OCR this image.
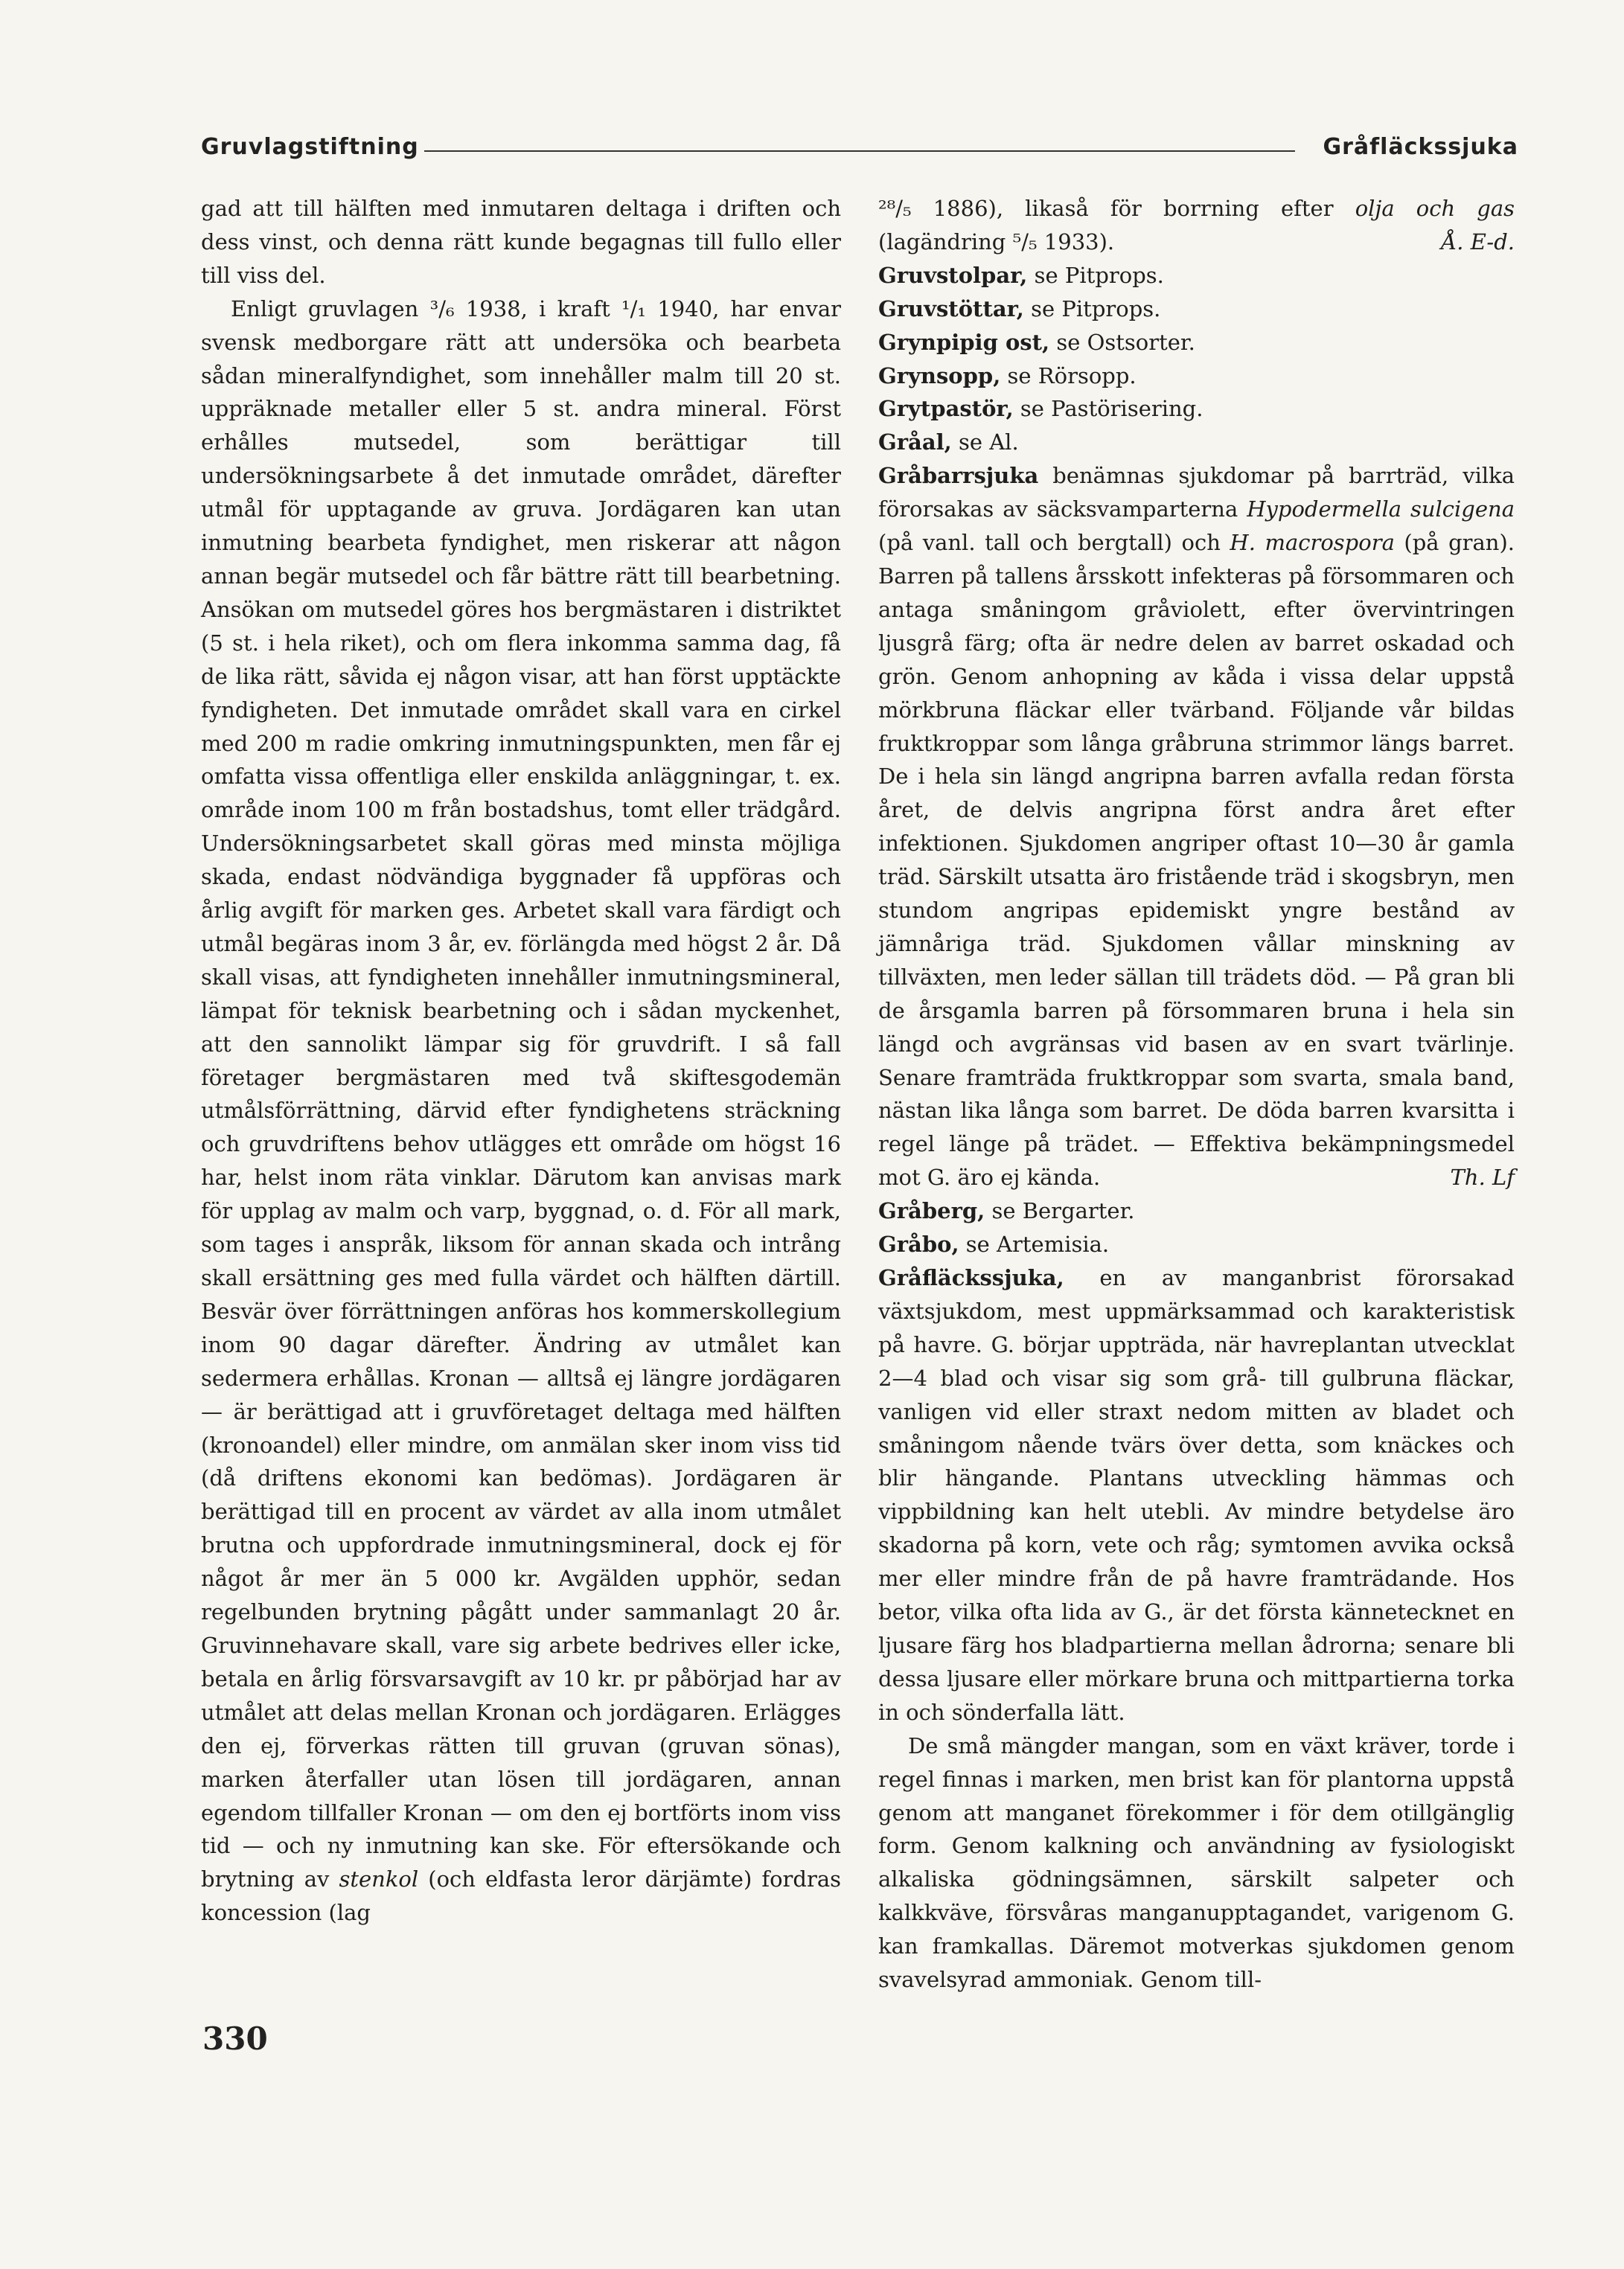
Gruvlagstiftning	Gråfläckssjuka

gad att till hälften med inmutaren deltaga i driften och dess vinst, och denna rätt kunde begagnas till fullo eller till viss del.

Enligt gruvlagen ³/₆ 1938, i kraft ¹/₁ 1940, har envar svensk medborgare rätt att undersöka och bearbeta sådan mineralfyndighet, som innehåller malm till 20 st. uppräknade metaller eller 5 st. andra mineral. Först erhålles mutsedel, som berättigar till undersökningsarbete å det inmutade området, därefter utmål för upptagande av gruva. Jordägaren kan utan inmutning bearbeta fyndighet, men riskerar att någon annan begär mutsedel och får bättre rätt till bearbetning. Ansökan om mutsedel göres hos bergmästaren i distriktet (5 st. i hela riket), och om flera inkomma samma dag, få de lika rätt, såvida ej någon visar, att han först upptäckte fyndigheten. Det inmutade området skall vara en cirkel med 200 m radie omkring inmutningspunkten, men får ej omfatta vissa offentliga eller enskilda anläggningar, t. ex. område inom 100 m från bostadshus, tomt eller trädgård. Undersökningsarbetet skall göras med minsta möjliga skada, endast nödvändiga byggnader få uppföras och årlig avgift för marken ges. Arbetet skall vara färdigt och utmål begäras inom 3 år, ev. förlängda med högst 2 år. Då skall visas, att fyndigheten innehåller inmutningsmineral, lämpat för teknisk bearbetning och i sådan myckenhet, att den sannolikt lämpar sig för gruvdrift. I så fall företager bergmästaren med två skiftesgodemän utmålsförrättning, därvid efter fyndighetens sträckning och gruvdriftens behov utlägges ett område om högst 16 har, helst inom räta vinklar. Därutom kan anvisas mark för upplag av malm och varp, byggnad, o. d. För all mark, som tages i anspråk, liksom för annan skada och intrång skall ersättning ges med fulla värdet och hälften därtill. Besvär över förrättningen anföras hos kommerskollegium inom 90 dagar därefter. Ändring av utmålet kan sedermera erhållas. Kronan — alltså ej längre jordägaren — är berättigad att i gruvföretaget deltaga med hälften (kronoandel) eller mindre, om anmälan sker inom viss tid (då driftens ekonomi kan bedömas). Jordägaren är berättigad till en procent av värdet av alla inom utmålet brutna och uppfordrade inmutningsmineral, dock ej för något år mer än 5 000 kr. Avgälden upphör, sedan regelbunden brytning pågått under sammanlagt 20 år. Gruvinnehavare skall, vare sig arbete bedrives eller icke, betala en årlig försvarsavgift av 10 kr. pr påbörjad har av utmålet att delas mellan Kronan och jordägaren. Erlägges den ej, förverkas rätten till gruvan (gruvan sönas), marken återfaller utan lösen till jordägaren, annan egendom tillfaller Kronan — om den ej bortförts inom viss tid — och ny inmutning kan ske. För eftersökande och brytning av stenkol (och eldfasta leror därjämte) fordras koncession (lag

²⁸/₅ 1886), likaså för borrning efter olja och gas (lagändring ⁵/₅ 1933).	Å. E-d.

Gruvstolpar, se Pitprops.

Gruvstöttar, se Pitprops.

Grynpipig ost, se Ostsorter.

Grynsopp, se Rörsopp.

Grytpastör, se Pastörisering.

Gråal, se Al.

Gråbarrsjuka benämnas sjukdomar på barrträd, vilka förorsakas av säcksvamparterna Hypodermella sulcigena (på vanl. tall och bergtall) och H. macrospora (på gran). Barren på tallens årsskott infekteras på försommaren och antaga småningom gråviolett, efter övervintringen ljusgrå färg; ofta är nedre delen av barret oskadad och grön. Genom anhopning av kåda i vissa delar uppstå mörkbruna fläckar eller tvärband. Följande vår bildas fruktkroppar som långa gråbruna strimmor längs barret. De i hela sin längd angripna barren avfalla redan första året, de delvis angripna först andra året efter infektionen. Sjukdomen angriper oftast 10—30 år gamla träd. Särskilt utsatta äro fristående träd i skogsbryn, men stundom angripas epidemiskt yngre bestånd av jämnåriga träd. Sjukdomen vållar minskning av tillväxten, men leder sällan till trädets död. — På gran bli de årsgamla barren på försommaren bruna i hela sin längd och avgränsas vid basen av en svart tvärlinje. Senare framträda fruktkroppar som svarta, smala band, nästan lika långa som barret. De döda barren kvarsitta i regel länge på trädet. — Effektiva bekämpningsmedel mot G. äro ej kända.	Th. Lf

Gråberg, se Bergarter.

Gråbo, se Artemisia.

Gråfläckssjuka, en av manganbrist förorsakad växtsjukdom, mest uppmärksammad och karakteristisk på havre. G. börjar uppträda, när havreplantan utvecklat 2—4 blad och visar sig som grå- till gulbruna fläckar, vanligen vid eller straxt nedom mitten av bladet och småningom nående tvärs över detta, som knäckes och blir hängande. Plantans utveckling hämmas och vippbildning kan helt utebli. Av mindre betydelse äro skadorna på korn, vete och råg; symtomen avvika också mer eller mindre från de på havre framträdande. Hos betor, vilka ofta lida av G., är det första kännetecknet en ljusare färg hos bladpartierna mellan ådrorna; senare bli dessa ljusare eller mörkare bruna och mittpartierna torka in och sönderfalla lätt.

De små mängder mangan, som en växt kräver, torde i regel finnas i marken, men brist kan för plantorna uppstå genom att manganet förekommer i för dem otillgänglig form. Genom kalkning och användning av fysiologiskt alkaliska gödningsämnen, särskilt salpeter och kalkkväve, försvåras manganupptagandet, varigenom G. kan framkallas. Däremot motverkas sjukdomen genom svavelsyrad ammoniak. Genom till-

330
